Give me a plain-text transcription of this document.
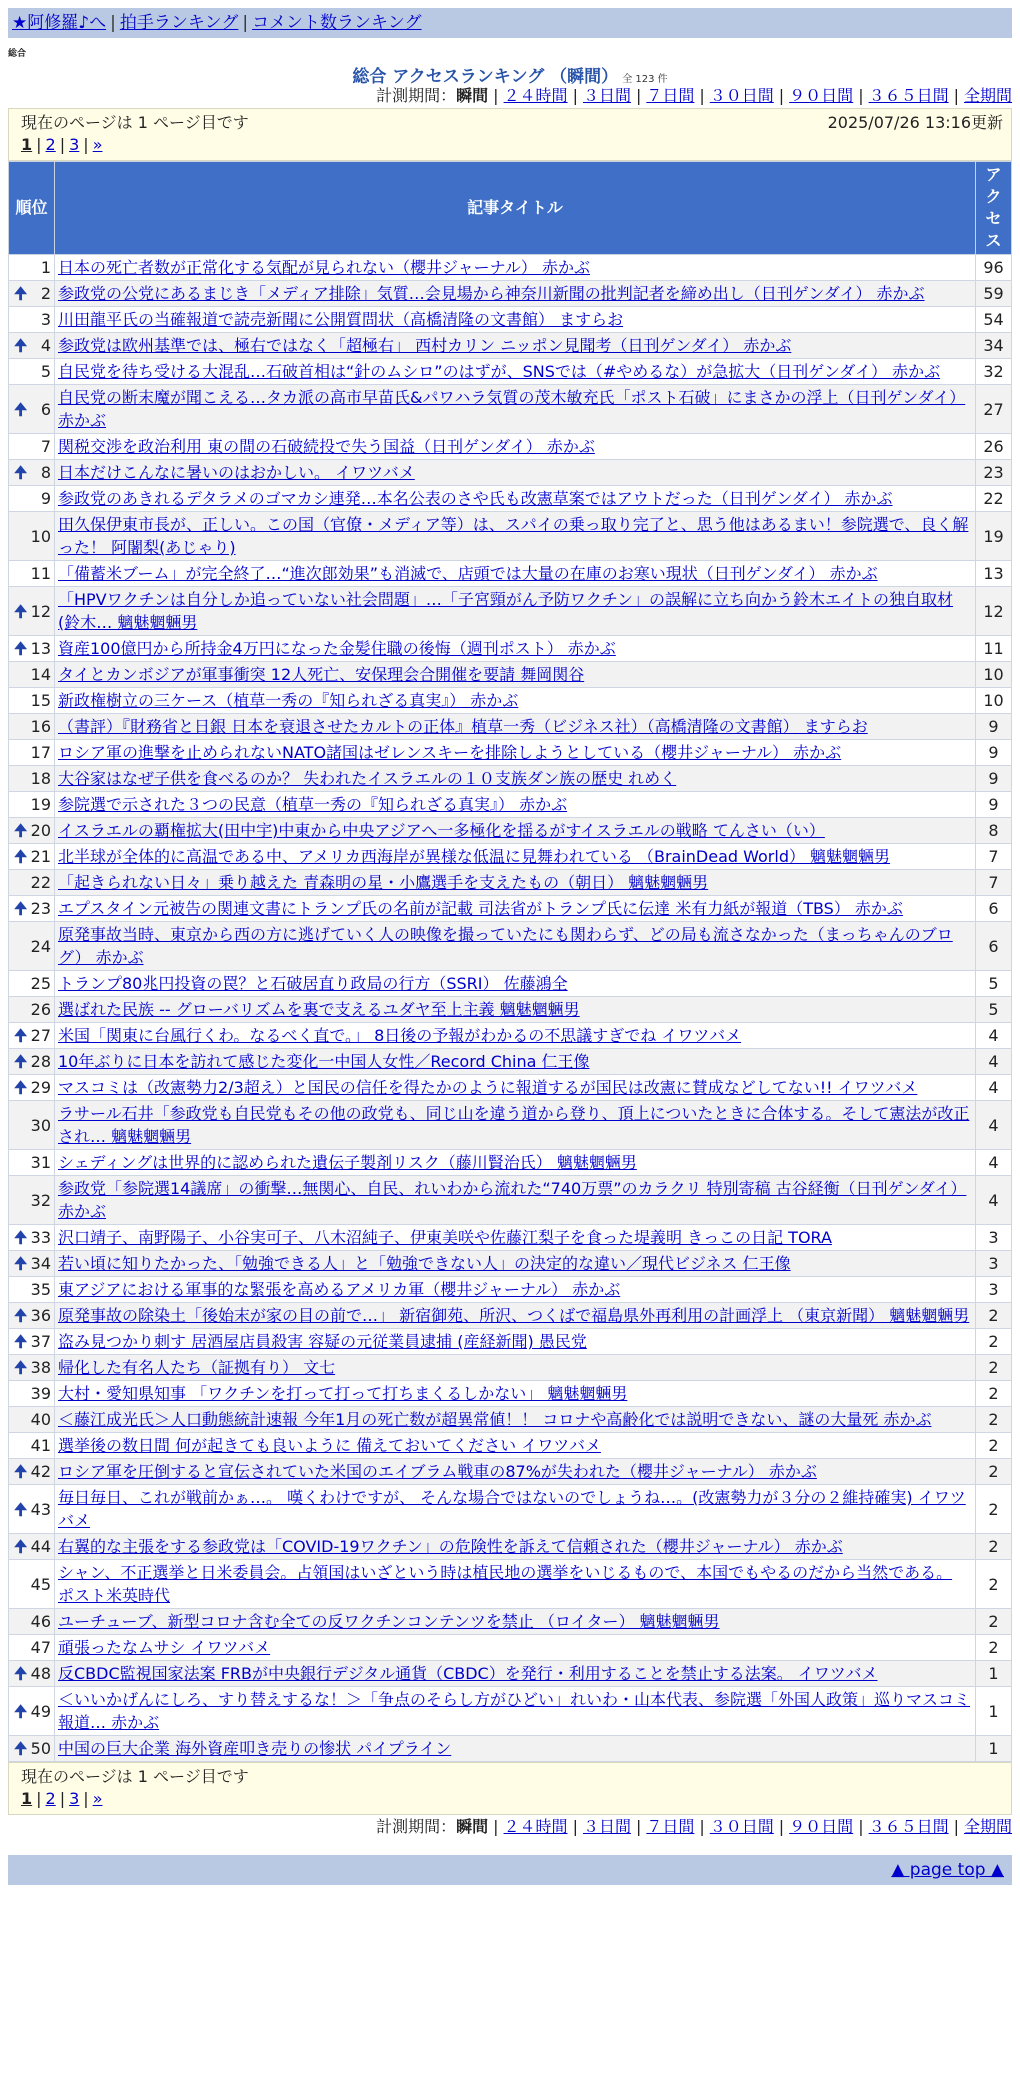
★阿修羅♪へ | 拍手ランキング | コメント数ランキング
総合
総合 アクセスランキング （瞬間） 全 123 件
計測期間：瞬間 | ２４時間 | ３日間 | ７日間 | ３０日間 | ９０日間 | ３６５日間 | 全期間
現在のページは 1 ページ目です	2025/07/26 13:16更新
1 | 2 | 3 | »
順位	記事タイトル	アクセス
1	日本の死亡者数が正常化する気配が見られない（櫻井ジャーナル） 赤かぶ	96

🠉 2	参政党の公党にあるまじき「メディア排除」気質…会見場から神奈川新聞の批判記者を締め出し（日刊ゲンダイ） 赤かぶ	59
3	川田龍平氏の当確報道で読売新聞に公開質問状（高橋清隆の文書館） ますらお	54

🠉 4	参政党は欧州基準では、極右ではなく「超極右」 西村カリン ニッポン見聞考（日刊ゲンダイ） 赤かぶ	34
5	自民党を待ち受ける大混乱…石破首相は“針のムシロ”のはずが、SNSでは（#やめるな）が急拡大（日刊ゲンダイ） 赤かぶ	32

🠉 6	自民党の断末魔が聞こえる…タカ派の高市早苗氏&パワハラ気質の茂木敏充氏「ポスト石破」にまさかの浮上（日刊ゲンダイ） 赤かぶ	27
7	関税交渉を政治利用 東の間の石破続投で失う国益（日刊ゲンダイ） 赤かぶ	26

🠉 8	日本だけこんなに暑いのはおかしい。 イワツバメ	23
9	参政党のあきれるデタラメのゴマカシ連発…本名公表のさや氏も改憲草案ではアウトだった（日刊ゲンダイ） 赤かぶ	22
10	田久保伊東市長が、正しい。この国（官僚・メディア等）は、スパイの乗っ取り完了と、思う他はあるまい！参院選で、良く解った！ 阿闍梨(あじゃり)	19
11	「備蓄米ブーム」が完全終了…“進次郎効果”も消滅で、店頭では大量の在庫のお寒い現状（日刊ゲンダイ） 赤かぶ	13

🠉 12	「HPVワクチンは自分しか追っていない社会問題」…「子宮頸がん予防ワクチン」の誤解に立ち向かう鈴木エイトの独自取材(鈴木… 魑魅魍魎男	12

🠉 13	資産100億円から所持金4万円になった金髪住職の後悔（週刊ポスト） 赤かぶ	11
14	タイとカンボジアが軍事衝突 12人死亡、安保理会合開催を要請 舞岡関谷	10
15	新政権樹立の三ケース（植草一秀の『知られざる真実』） 赤かぶ	10
16	（書評）『財務省と日銀 日本を衰退させたカルトの正体』植草一秀（ビジネス社）（高橋清隆の文書館） ますらお	9
17	ロシア軍の進撃を止められないNATO諸国はゼレンスキーを排除しようとしている（櫻井ジャーナル） 赤かぶ	9
18	大谷家はなぜ子供を食べるのか？ 失われたイスラエルの１０支族ダン族の歴史 れめく	9
19	参院選で示された３つの民意（植草一秀の『知られざる真実』） 赤かぶ	9

🠉 20	イスラエルの覇権拡大(田中宇)中東から中央アジアへ一多極化を揺るがすイスラエルの戦略 てんさい（い）	8

🠉 21	北半球が全体的に高温である中、アメリカ西海岸が異様な低温に見舞われている （BrainDead World） 魑魅魍魎男	7
22	「起きられない日々」乗り越えた 青森明の星・小鷹選手を支えたもの（朝日） 魑魅魍魎男	7

🠉 23	エプスタイン元被告の関連文書にトランプ氏の名前が記載 司法省がトランプ氏に伝達 米有力紙が報道（TBS） 赤かぶ	6
24	原発事故当時、東京から西の方に逃げていく人の映像を撮っていたにも関わらず、どの局も流さなかった（まっちゃんのブログ） 赤かぶ	6
25	トランプ80兆円投資の罠？と石破居直り政局の行方（SSRI） 佐藤鴻全	5
26	選ばれた民族 -- グローバリズムを裏で支えるユダヤ至上主義 魑魅魍魎男	5

🠉 27	米国「関東に台風行くわ。なるべく直で。」 8日後の予報がわかるの不思議すぎでね イワツバメ	4

🠉 28	10年ぶりに日本を訪れて感じた変化一中国人女性／Record China 仁王像	4

🠉 29	マスコミは（改憲勢力2/3超え）と国民の信任を得たかのように報道するが国民は改憲に賛成などしてない!! イワツバメ	4
30	ラサール石井「参政党も自民党もその他の政党も、同じ山を違う道から登り、頂上についたときに合体する。そして憲法が改正され… 魑魅魍魎男	4
31	シェディングは世界的に認められた遺伝子製剤リスク（藤川賢治氏） 魑魅魍魎男	4
32	参政党「参院選14議席」の衝撃…無関心、自民、れいわから流れた“740万票”のカラクリ 特別寄稿 古谷経衡（日刊ゲンダイ） 赤かぶ	4

🠉 33	沢口靖子、南野陽子、小谷実可子、八木沼純子、伊東美咲や佐藤江梨子を食った堤義明 きっこの日記 TORA	3

🠉 34	若い頃に知りたかった、「勉強できる人」と「勉強できない人」の決定的な違い／現代ビジネス 仁王像	3
35	東アジアにおける軍事的な緊張を高めるアメリカ軍（櫻井ジャーナル） 赤かぶ	3

🠉 36	原発事故の除染土「後始末が家の目の前で…」 新宿御苑、所沢、つくばで福島県外再利用の計画浮上 （東京新聞） 魑魅魍魎男	2

🠉 37	盗み見つかり刺す 居酒屋店員殺害 容疑の元従業員逮捕 (産経新聞) 愚民党	2

🠉 38	帰化した有名人たち（証拠有り） 文七	2
39	大村・愛知県知事 「ワクチンを打って打って打ちまくるしかない」 魑魅魍魎男	2
40	＜藤江成光氏＞人口動態統計速報 今年1月の死亡数が超異常値！！ コロナや高齢化では説明できない、謎の大量死 赤かぶ	2
41	選挙後の数日間 何が起きても良いように 備えておいてください イワツバメ	2

🠉 42	ロシア軍を圧倒すると宣伝されていた米国のエイブラム戦車の87%が失われた（櫻井ジャーナル） 赤かぶ	2

🠉 43	毎日毎日、これが戦前かぁ…。 嘆くわけですが、 そんな場合ではないのでしょうね…。(改憲勢力が３分の２維持確実) イワツバメ	2

🠉 44	右翼的な主張をする参政党は「COVID-19ワクチン」の危険性を訴えて信頼された（櫻井ジャーナル） 赤かぶ	2
45	シャン、不正選挙と日米委員会。占領国はいざという時は植民地の選挙をいじるもので、本国でもやるのだから当然である。 ポスト米英時代	2
46	ユーチューブ、新型コロナ含む全ての反ワクチンコンテンツを禁止 （ロイター） 魑魅魍魎男	2
47	頑張ったなムサシ イワツバメ	2

🠉 48	反CBDC監視国家法案 FRBが中央銀行デジタル通貨（CBDC）を発行・利用することを禁止する法案。 イワツバメ	1

🠉 49	＜いいかげんにしろ、すり替えするな！＞「争点のそらし方がひどい」れいわ・山本代表、参院選「外国人政策」巡りマスコミ報道… 赤かぶ	1

🠉 50	中国の巨大企業 海外資産叩き売りの惨状 パイプライン	1
現在のページは 1 ページ目です
1 | 2 | 3 | »
計測期間：瞬間 | ２４時間 | ３日間 | ７日間 | ３０日間 | ９０日間 | ３６５日間 | 全期間
▲ page top ▲
